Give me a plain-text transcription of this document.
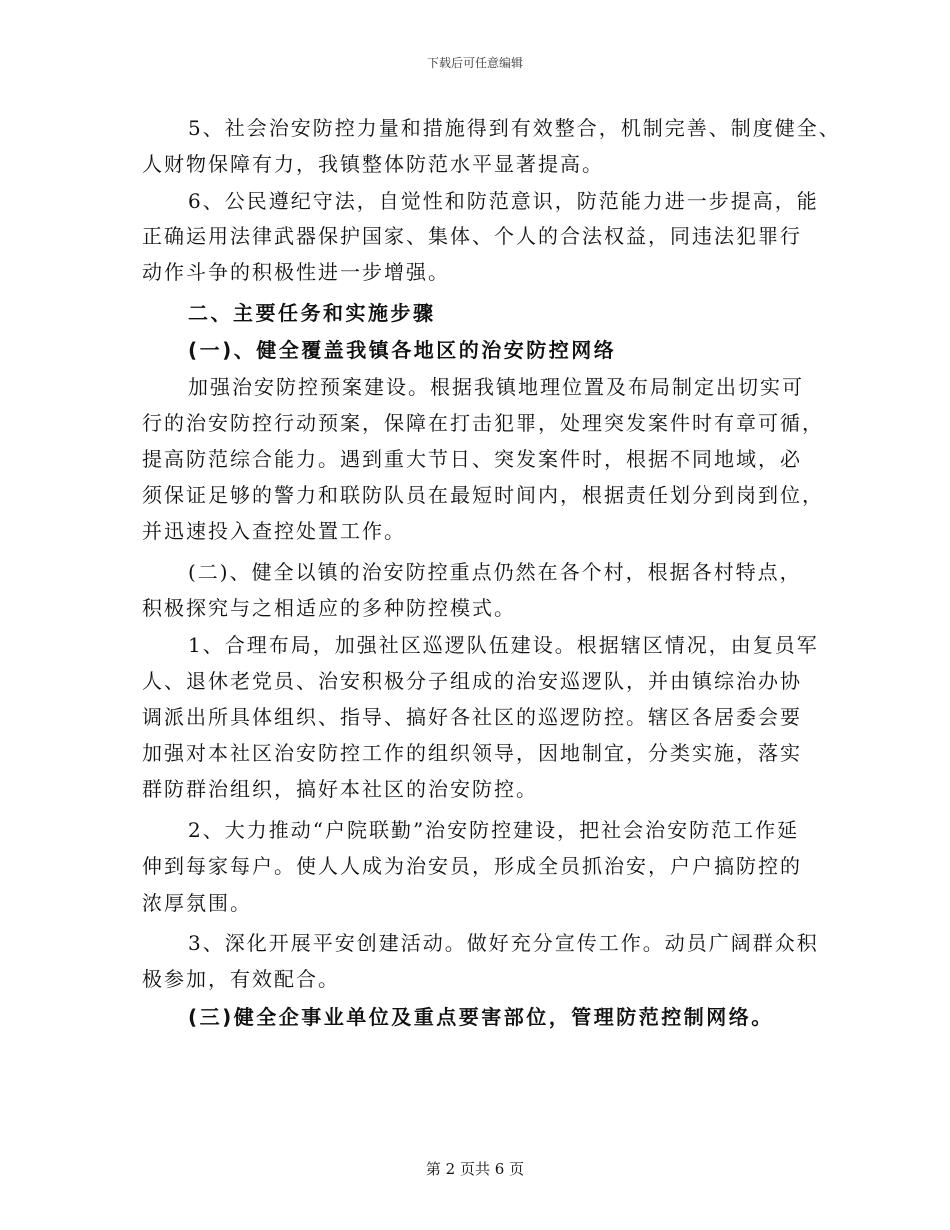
下载后可任意编辑
5、社会治安防控力量和措施得到有效整合，机制完善、制度健全、
人财物保障有力，我镇整体防范水平显著提高。
6、公民遵纪守法，自觉性和防范意识，防范能力进一步提高，能
正确运用法律武器保护国家、集体、个人的合法权益，同违法犯罪行
动作斗争的积极性进一步增强。
二、主要任务和实施步骤
(一)、健全覆盖我镇各地区的治安防控网络
加强治安防控预案建设。根据我镇地理位置及布局制定出切实可
行的治安防控行动预案，保障在打击犯罪，处理突发案件时有章可循，
提高防范综合能力。遇到重大节日、突发案件时，根据不同地域，必
须保证足够的警力和联防队员在最短时间内，根据责任划分到岗到位，
并迅速投入查控处置工作。
(二)、健全以镇的治安防控重点仍然在各个村，根据各村特点，
积极探究与之相适应的多种防控模式。
1、合理布局，加强社区巡逻队伍建设。根据辖区情况，由复员军
人、退休老党员、治安积极分子组成的治安巡逻队，并由镇综治办协
调派出所具体组织、指导、搞好各社区的巡逻防控。辖区各居委会要
加强对本社区治安防控工作的组织领导，因地制宜，分类实施，落实
群防群治组织，搞好本社区的治安防控。
2、大力推动“户院联勤”治安防控建设，把社会治安防范工作延
伸到每家每户。使人人成为治安员，形成全员抓治安，户户搞防控的
浓厚氛围。
3、深化开展平安创建活动。做好充分宣传工作。动员广阔群众积
极参加，有效配合。
(三)健全企事业单位及重点要害部位，管理防范控制网络。
第 2 页共 6 页
